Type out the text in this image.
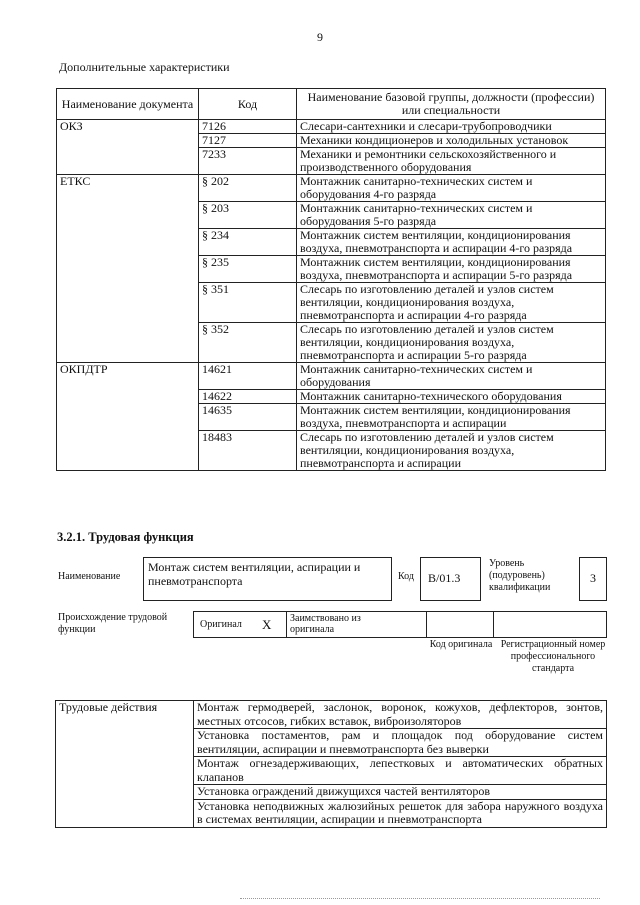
9
Дополнительные характеристики
Наименование документа	Код	Наименование базовой группы, должности (профессии) или специальности
ОКЗ	7126	Слесари-сантехники и слесари-трубопроводчики
	7127	Механики кондиционеров и холодильных установок
	7233	Механики и ремонтники сельскохозяйственного и производственного оборудования
ЕТКС	§ 202	Монтажник санитарно-технических систем и оборудования 4-го разряда
	§ 203	Монтажник санитарно-технических систем и оборудования 5-го разряда
	§ 234	Монтажник систем вентиляции, кондиционирования воздуха, пневмотранспорта и аспирации 4-го разряда
	§ 235	Монтажник систем вентиляции, кондиционирования воздуха, пневмотранспорта и аспирации 5-го разряда
	§ 351	Слесарь по изготовлению деталей и узлов систем вентиляции, кондиционирования воздуха, пневмотранспорта и аспирации 4-го разряда
	§ 352	Слесарь по изготовлению деталей и узлов систем вентиляции, кондиционирования воздуха, пневмотранспорта и аспирации 5-го разряда
ОКПДТР	14621	Монтажник санитарно-технических систем и оборудования
	14622	Монтажник санитарно-технического оборудования
	14635	Монтажник систем вентиляции, кондиционирования воздуха, пневмотранспорта и аспирации
	18483	Слесарь по изготовлению деталей и узлов систем вентиляции, кондиционирования воздуха, пневмотранспорта и аспирации
3.2.1. Трудовая функция
Наименование
Монтаж систем вентиляции, аспирации и пневмотранспорта	Код	B/01.3
Уровень (подуровень) квалификации
3
Происхождение трудовой функции	Оригинал X Заимствовано из оригинала
Код оригинала Регистрационный номер профессионального стандарта
Трудовые действия	Монтаж гермодверей, заслонок, воронок, кожухов, дефлекторов, зонтов, местных отсосов, гибких вставок, виброизоляторов
Установка постаментов, рам и площадок под оборудование систем вентиляции, аспирации и пневмотранспорта без выверки
Монтаж огнезадерживающих, лепестковых и автоматических обратных клапанов
Установка ограждений движущихся частей вентиляторов
Установка неподвижных жалюзийных решеток для забора наружного воздуха в системах вентиляции, аспирации и пневмотранспорта
